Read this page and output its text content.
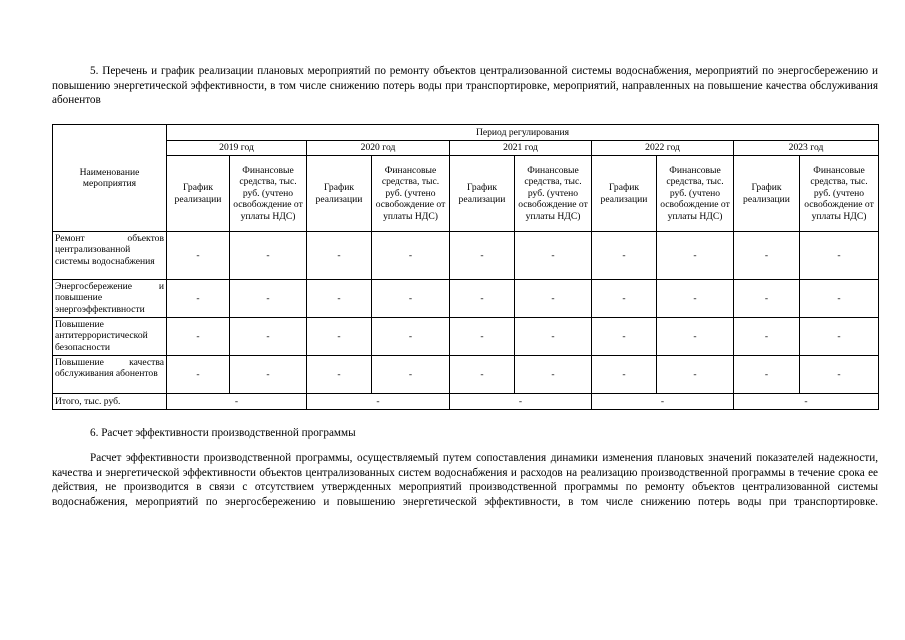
5. Перечень и график реализации плановых мероприятий по ремонту объектов централизованной системы водоснабжения, мероприятий по энергосбережению и повышению энергетической эффективности, в том числе снижению потерь воды при транспортировке, мероприятий, направленных на повышение качества обслуживания абонентов

Наименование мероприятия	Период регулирования									
	2019 год		2020 год		2021 год		2022 год		2023 год	
	График реализации	Финансовые средства, тыс. руб. (учтено освобождение от уплаты НДС)	График реализации	Финансовые средства, тыс. руб. (учтено освобождение от уплаты НДС)	График реализации	Финансовые средства, тыс. руб. (учтено освобождение от уплаты НДС)	График реализации	Финансовые средства, тыс. руб. (учтено освобождение от уплаты НДС)	График реализации	Финансовые средства, тыс. руб. (учтено освобождение от уплаты НДС)
Ремонт объектов централизованной системы водоснабжения	-	-	-	-	-	-	-	-	-	-
Энергосбережение и повышение энергоэффективности	-	-	-	-	-	-	-	-	-	-
Повышение антитеррористической безопасности	-	-	-	-	-	-	-	-	-	-
Повышение качества обслуживания абонентов	-	-	-	-	-	-	-	-	-	-
Итого, тыс. руб.	-		-		-		-		-	

6. Расчет эффективности производственной программы

Расчет эффективности производственной программы, осуществляемый путем сопоставления динамики изменения плановых значений показателей надежности, качества и энергетической эффективности объектов централизованных систем водоснабжения и расходов на реализацию производственной программы в течение срока ее действия, не производится в связи с отсутствием утвержденных мероприятий производственной программы по ремонту объектов централизованной системы водоснабжения, мероприятий по энергосбережению и повышению энергетической эффективности, в том числе снижению потерь воды при транспортировке.
